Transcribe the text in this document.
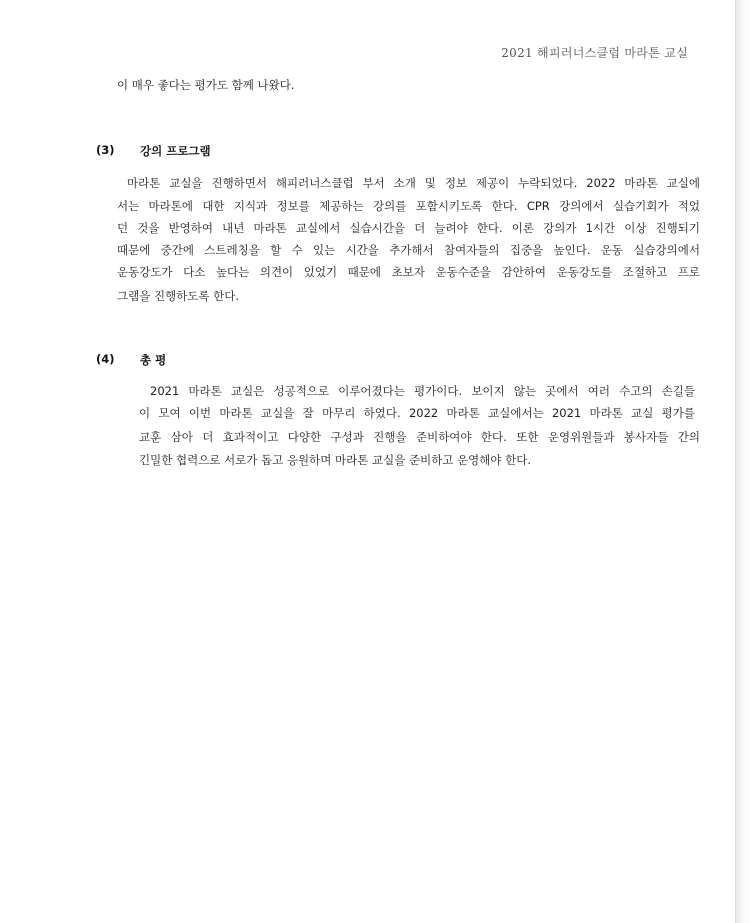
2021 해피러너스클럽 마라톤 교실
이 매우 좋다는 평가도 함께 나왔다.
(3) 강의 프로그램
마라톤 교실을 진행하면서 해피러너스클럽 부서 소개 및 정보 제공이 누락되었다. 2022 마라톤 교실에
서는 마라톤에 대한 지식과 정보를 제공하는 강의를 포함시키도록 한다. CPR 강의에서 실습기회가 적었
던 것을 반영하여 내년 마라톤 교실에서 실습시간을 더 늘려야 한다. 이론 강의가 1시간 이상 진행되기
때문에 중간에 스트레칭을 할 수 있는 시간을 추가해서 참여자들의 집중을 높인다. 운동 실습강의에서
운동강도가 다소 높다는 의견이 있었기 때문에 초보자 운동수준을 감안하여 운동강도를 조절하고 프로
그램을 진행하도록 한다.
(4) 총 평
2021 마라톤 교실은 성공적으로 이루어졌다는 평가이다. 보이지 않는 곳에서 여러 수고의 손길들
이 모여 이번 마라톤 교실을 잘 마무리 하였다. 2022 마라톤 교실에서는 2021 마라톤 교실 평가를
교훈 삼아 더 효과적이고 다양한 구성과 진행을 준비하여야 한다. 또한 운영위원들과 봉사자들 간의
긴밀한 협력으로 서로가 돕고 응원하며 마라톤 교실을 준비하고 운영해야 한다.
